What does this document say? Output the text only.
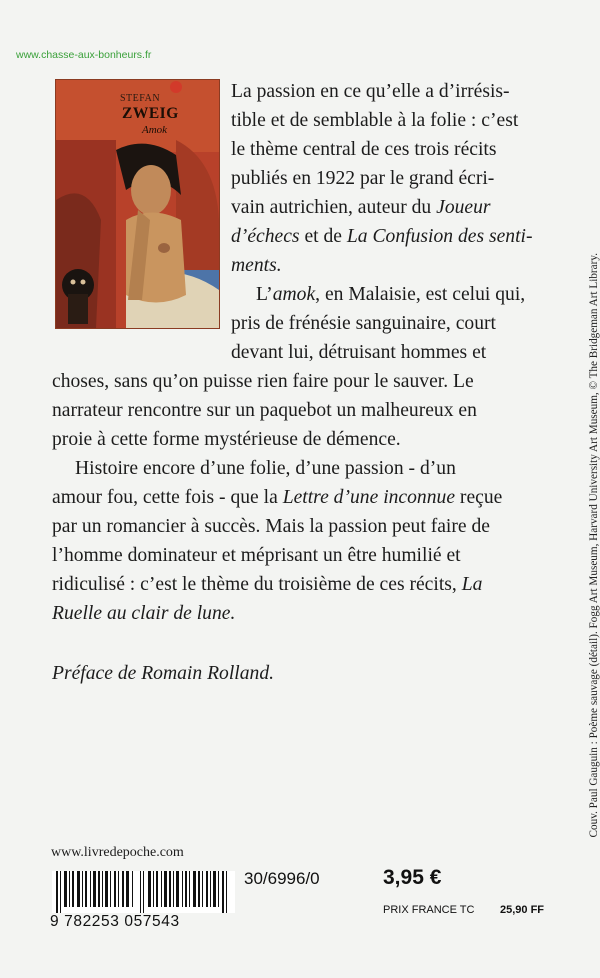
www.chasse-aux-bonheurs.fr
STEFAN
ZWEIG
Amok
La passion en ce qu’elle a d’irrésis-
tible et de semblable à la folie : c’est
le thème central de ces trois récits
publiés en 1922 par le grand écri-
vain autrichien, auteur du Joueur
d’échecs et de La Confusion des senti-
ments.
L’amok, en Malaisie, est celui qui,
pris de frénésie sanguinaire, court
devant lui, détruisant hommes et
choses, sans qu’on puisse rien faire pour le sauver. Le
narrateur rencontre sur un paquebot un malheureux en
proie à cette forme mystérieuse de démence.
Histoire encore d’une folie, d’une passion - d’un
amour fou, cette fois - que la Lettre d’une inconnue reçue
par un romancier à succès. Mais la passion peut faire de
l’homme dominateur et méprisant un être humilié et
ridiculisé : c’est le thème du troisième de ces récits, La
Ruelle au clair de lune.
Préface de Romain Rolland.
www.livredepoche.com
9 782253 057543
30/6996/0	3,95 €
PRIX FRANCE TC 25,90 FF
Couv. Paul Gauguin : Poème sauvage (détail). Fogg Art Museum, Harvard University Art Museum, © The Bridgeman Art Library.
